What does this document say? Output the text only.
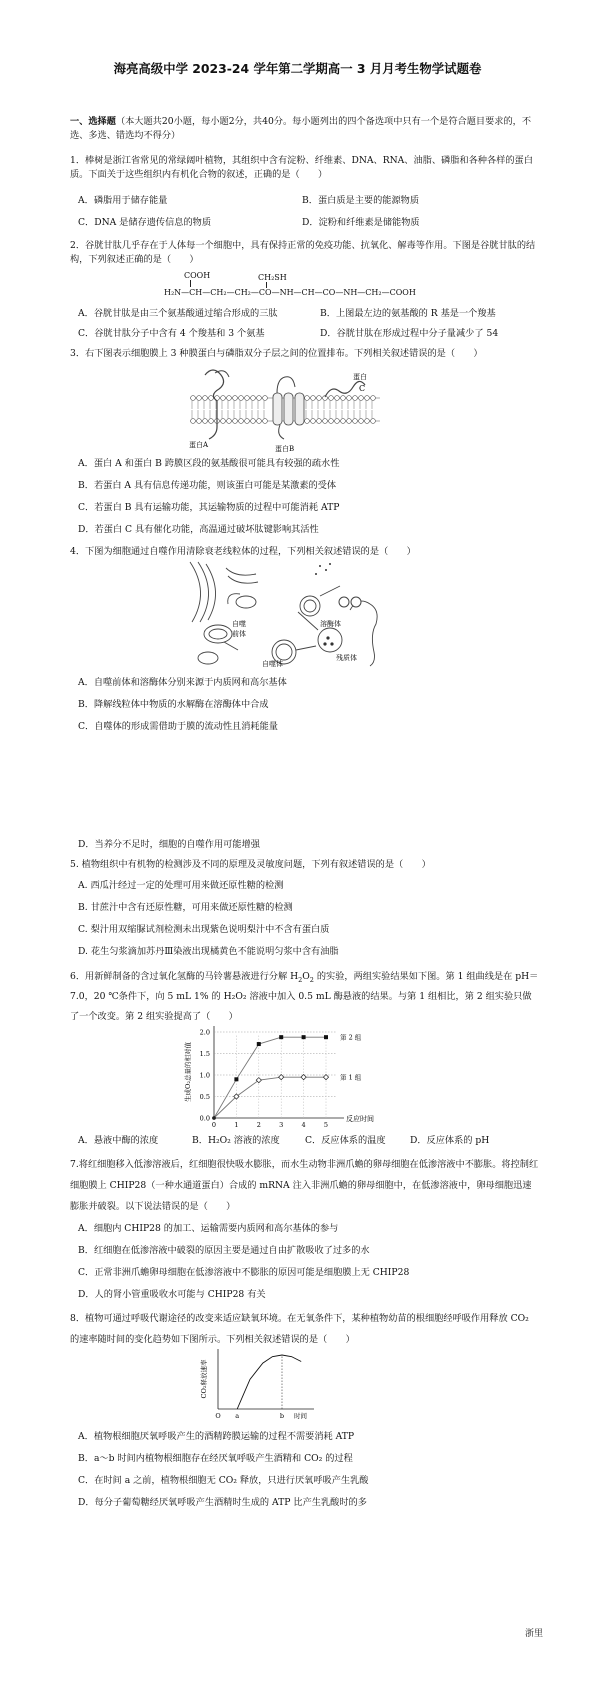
海亮高级中学 2023-24 学年第二学期高一 3 月月考生物学试题卷
一、选择题（本大题共20小题，每小题2分，共40分。每小题列出的四个备选项中只有一个是符合题目要求的，不选、多选、错选均不得分）
1．棒树是浙江省常见的常绿阔叶植物，其组织中含有淀粉、纤维素、DNA、RNA、油脂、磷脂和各种各样的蛋白质。下面关于这些组织内有机化合物的叙述，正确的是（　　）
A．磷脂用于储存能量	B．蛋白质是主要的能源物质
C．DNA 是储存遗传信息的物质	D．淀粉和纤维素是储能物质
2．谷胱甘肽几乎存在于人体每一个细胞中，具有保持正常的免疫功能、抗氧化、解毒等作用。下图是谷胱甘肽的结构，下列叙述正确的是（　　）
COOH	CH₂SH
H₂N—CH—CH₂—CH₂—CO—NH—CH—CO—NH—CH₂—COOH
A．谷胱甘肽是由三个氨基酸通过缩合形成的三肽	B．上图最左边的氨基酸的 R 基是一个羧基
C．谷胱甘肽分子中含有 4 个羧基和 3 个氨基	D．谷胱甘肽在形成过程中分子量减少了 54
3．右下图表示细胞膜上 3 种膜蛋白与磷脂双分子层之间的位置排布。下列相关叙述错误的是（　　）
蛋白A	蛋白B
蛋白
C
A．蛋白 A 和蛋白 B 跨膜区段的氨基酸很可能具有较强的疏水性
B．若蛋白 A 具有信息传递功能，则该蛋白可能是某激素的受体
C．若蛋白 B 具有运输功能，其运输物质的过程中可能消耗 ATP
D．若蛋白 C 具有催化功能，高温通过破坏肽键影响其活性
4．下图为细胞通过自噬作用清除衰老线粒体的过程，下列相关叙述错误的是（　　）
自噬
前体
溶酶体
残质体
自噬体
A．自噬前体和溶酶体分别来源于内质网和高尔基体
B．降解线粒体中物质的水解酶在溶酶体中合成
C．自噬体的形成需借助于膜的流动性且消耗能量
D．当养分不足时，细胞的自噬作用可能增强
5. 植物组织中有机物的检测涉及不同的原理及灵敏度问题，下列有叙述错误的是（　　）
A. 西瓜汁经过一定的处理可用来做还原性糖的检测
B. 甘蔗汁中含有还原性糖，可用来做还原性糖的检测
C. 梨汁用双缩脲试剂检测未出现紫色说明梨汁中不含有蛋白质
D. 花生匀浆滴加苏丹Ⅲ染液出现橘黄色不能说明匀浆中含有油脂
6．用新鲜制备的含过氧化氢酶的马铃薯悬液进行分解 $H_2O_2$ 的实验，两组实验结果如下图。第 1 组曲线是在 pH＝7.0，20 ℃条件下，向 5 mL 1% 的 H₂O₂ 溶液中加入 0.5 mL 酶悬液的结果。与第 1 组相比，第 2 组实验只做了一个改变。第 2 组实验提高了（　　）
0.0
0.5
1.0
1.5
2.0
0	1	2	3	4	5
生成O₂总量的相对值
反应时间
第 2 组
第 1 组
A．悬液中酶的浓度	B．H₂O₂ 溶液的浓度	C．反应体系的温度	D．反应体系的 pH
7.将红细胞移入低渗溶液后，红细胞很快吸水膨胀，而水生动物非洲爪蟾的卵母细胞在低渗溶液中不膨胀。将控制红细胞膜上 CHIP28（一种水通道蛋白）合成的 mRNA 注入非洲爪蟾的卵母细胞中，在低渗溶液中，卵母细胞迅速膨胀并破裂。以下说法错误的是（　　）
A．细胞内 CHIP28 的加工、运输需要内质网和高尔基体的参与
B．红细胞在低渗溶液中破裂的原因主要是通过自由扩散吸收了过多的水
C．正常非洲爪蟾卵母细胞在低渗溶液中不膨胀的原因可能是细胞膜上无 CHIP28
D．人的肾小管重吸收水可能与 CHIP28 有关
8．植物可通过呼吸代谢途径的改变来适应缺氧环境。在无氧条件下，某种植物幼苗的根细胞经呼吸作用释放 CO₂ 的速率随时间的变化趋势如下图所示。下列相关叙述错误的是（　　）
CO₂释放速率
O a	b 时间
A．植物根细胞厌氧呼吸产生的酒精跨膜运输的过程不需要消耗 ATP
B．a～b 时间内植物根细胞存在经厌氧呼吸产生酒精和 CO₂ 的过程
C．在时间 a 之前，植物根细胞无 CO₂ 释放，只进行厌氧呼吸产生乳酸
D．每分子葡萄糖经厌氧呼吸产生酒精时生成的 ATP 比产生乳酸时的多
浙里
